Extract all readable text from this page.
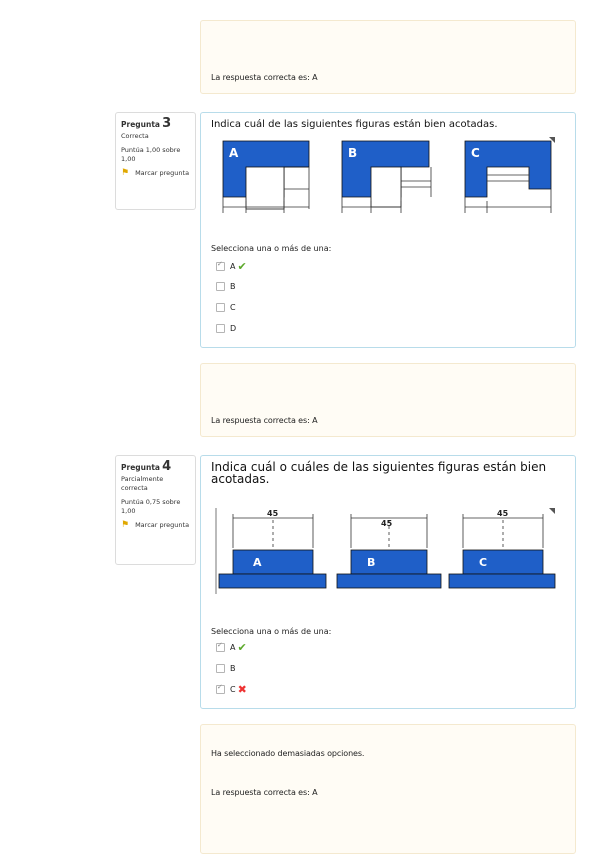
La respuesta correcta es: A
Pregunta 3
Correcta
Puntúa 1,00 sobre 1,00
⚑ Marcar pregunta
Indica cuál de las siguientes figuras están bien acotadas.
A	B	C
Selecciona una o más de una:
✓
A ✔
B
C
D
La respuesta correcta es: A
Pregunta 4
Parcialmente correcta
Puntúa 0,75 sobre 1,00
⚑ Marcar pregunta
Indica cuál o cuáles de las siguientes figuras están bien acotadas.
45
45
45
A	B	C
Selecciona una o más de una:
✓
A ✔
B
✓
C ✖
Ha seleccionado demasiadas opciones.
La respuesta correcta es: A
